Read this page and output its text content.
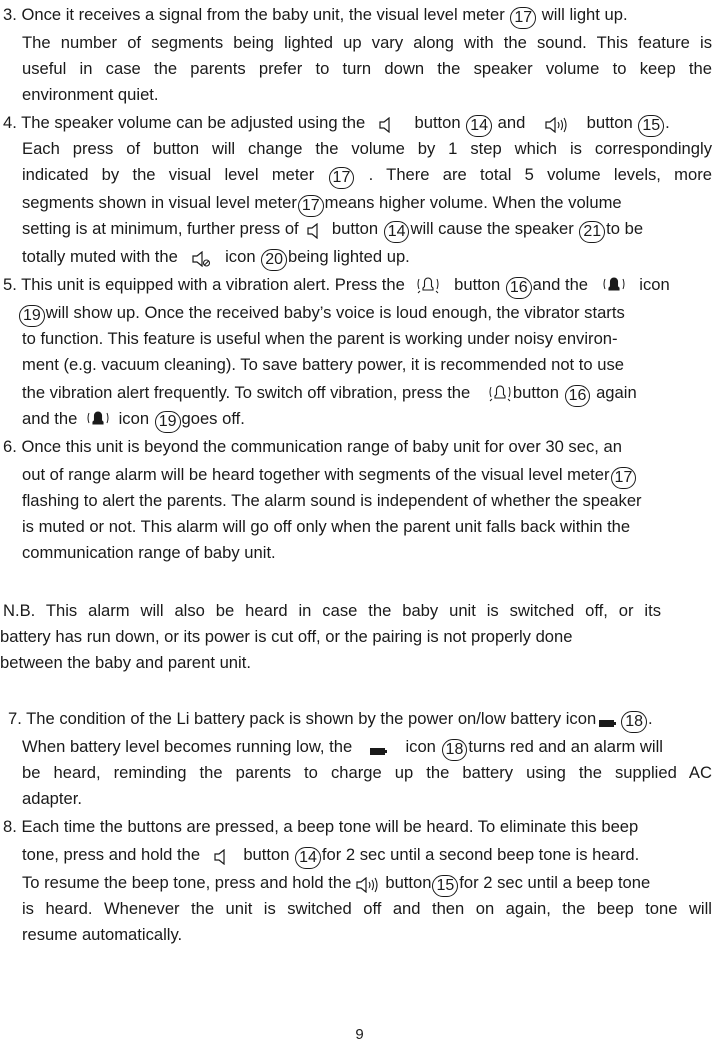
3. Once it receives a signal from the baby unit, the visual level meter 17 will light up.
The number of segments being lighted up vary along with the sound. This feature is
useful in case the parents prefer to turn down the speaker volume to keep the
environment quiet.
4. The speaker volume can be adjusted using the	button 14 and	button 15 .
Each press of button will change the volume by 1 step which is correspondingly
indicated by the visual level meter 17 . There are total 5 volume levels, more
segments shown in visual level meter 17 means higher volume. When the volume
setting is at minimum, further press of button 14 will cause the speaker 21 to be
totally muted with the	icon 20 being lighted up.
5. This unit is equipped with a vibration alert. Press the	button 16 and the	icon
19 will show up. Once the received baby’s voice is loud enough, the vibrator starts
to function. This feature is useful when the parent is working under noisy environ-
ment (e.g. vacuum cleaning). To save battery power, it is recommended not to use
the vibration alert frequently. To switch off vibration, press the	button 16 again
and the icon 19 goes off.
6. Once this unit is beyond the communication range of baby unit for over 30 sec, an
out of range alarm will be heard together with segments of the visual level meter 17
flashing to alert the parents. The alarm sound is independent of whether the speaker
is muted or not. This alarm will go off only when the parent unit falls back within the
communication range of baby unit.
N.B. This alarm will also be heard in case the baby unit is switched off, or its
battery has run down, or its power is cut off, or the pairing is not properly done
between the baby and parent unit.
7. The condition of the Li battery pack is shown by the power on/low battery icon 18 .
When battery level becomes running low, the	icon 18 turns red and an alarm will
be heard, reminding the parents to charge up the battery using the supplied AC
adapter.
8. Each time the buttons are pressed, a beep tone will be heard. To eliminate this beep
tone, press and hold the	button 14 for 2 sec until a second beep tone is heard.
To resume the beep tone, press and hold the button 15 for 2 sec until a beep tone
is heard. Whenever the unit is switched off and then on again, the beep tone will
resume automatically.
9
